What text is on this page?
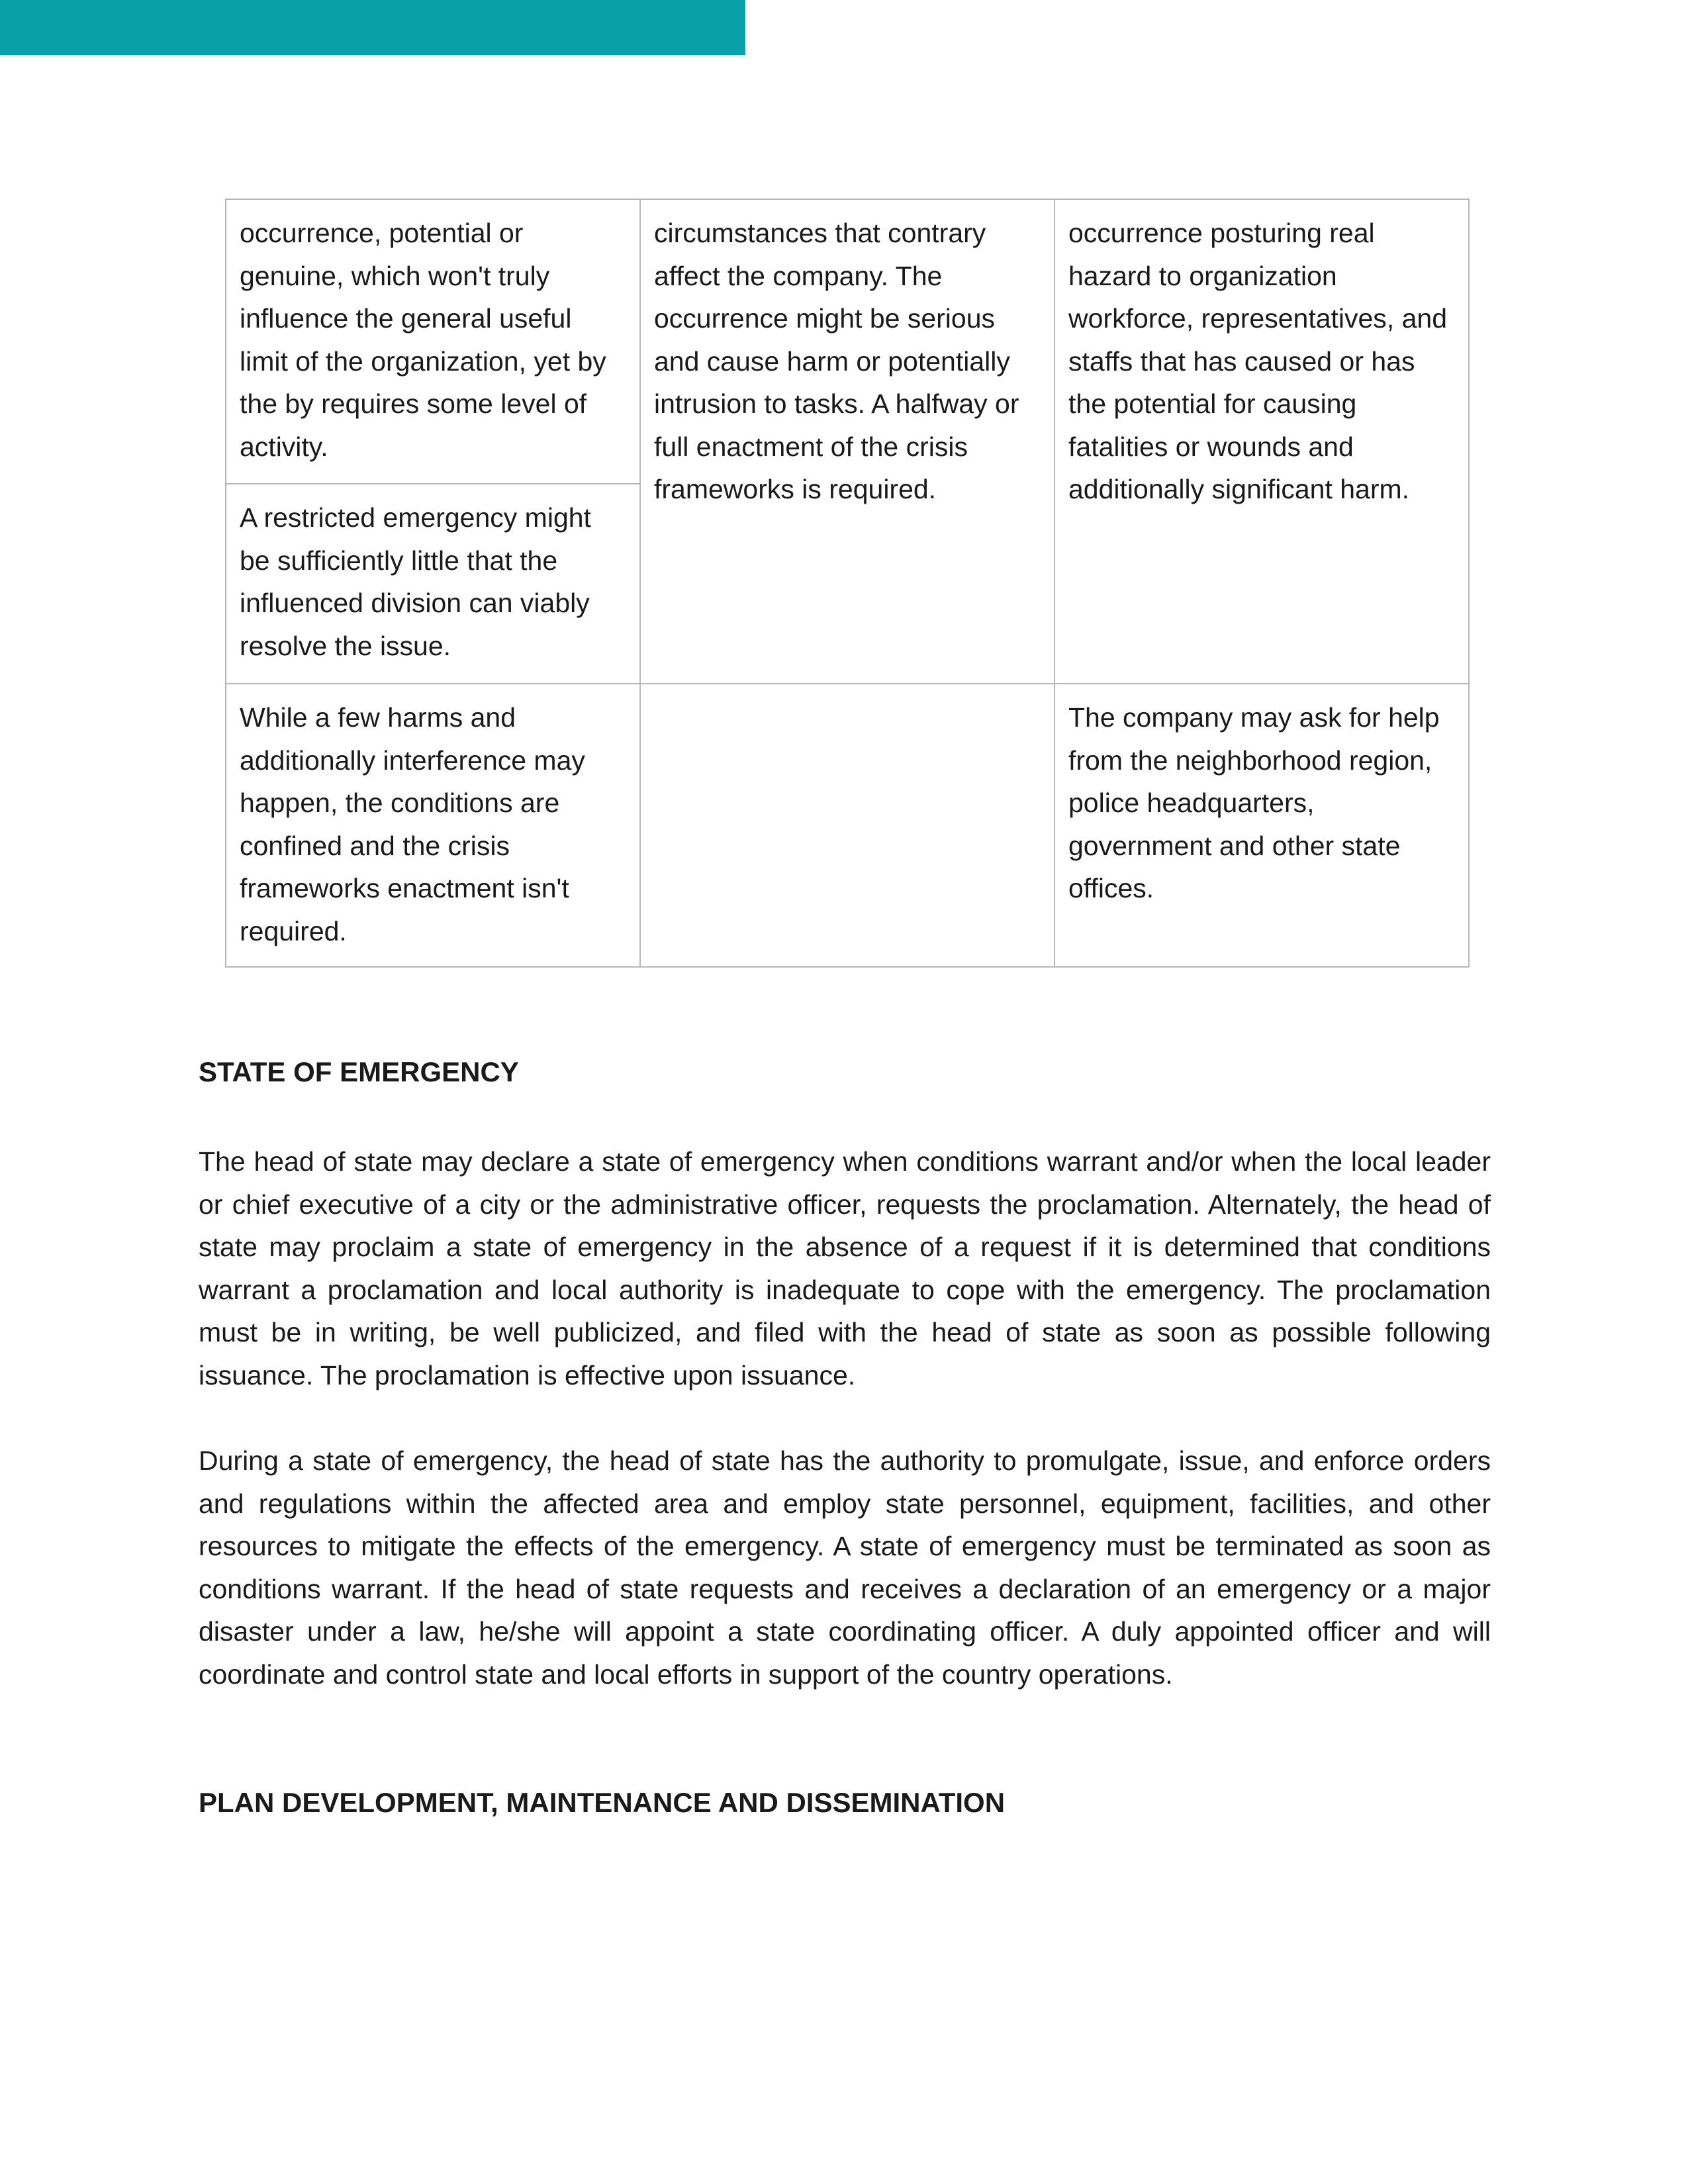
occurrence, potential or genuine, which won't truly influence the general useful limit of the organization, yet by the by requires some level of activity.	circumstances that contrary affect the company. The occurrence might be serious and cause harm or potentially intrusion to tasks. A halfway or full enactment of the crisis frameworks is required.	occurrence posturing real hazard to organization workforce, representatives, and staffs that has caused or has the potential for causing fatalities or wounds and additionally significant harm.
A restricted emergency might be sufficiently little that the influenced division can viably resolve the issue.		
While a few harms and additionally interference may happen, the conditions are confined and the crisis frameworks enactment isn't required.		The company may ask for help from the neighborhood region, police headquarters, government and other state offices.
STATE OF EMERGENCY

The head of state may declare a state of emergency when conditions warrant and/or when the local leader or chief executive of a city or the administrative officer, requests the proclamation. Alternately, the head of state may proclaim a state of emergency in the absence of a request if it is determined that conditions warrant a proclamation and local authority is inadequate to cope with the emergency. The proclamation must be in writing, be well publicized, and filed with the head of state as soon as possible following issuance. The proclamation is effective upon issuance.

During a state of emergency, the head of state has the authority to promulgate, issue, and enforce orders and regulations within the affected area and employ state personnel, equipment, facilities, and other resources to mitigate the effects of the emergency. A state of emergency must be terminated as soon as conditions warrant. If the head of state requests and receives a declaration of an emergency or a major disaster under a law, he/she will appoint a state coordinating officer. A duly appointed officer and will coordinate and control state and local efforts in support of the country operations.

PLAN DEVELOPMENT, MAINTENANCE AND DISSEMINATION
